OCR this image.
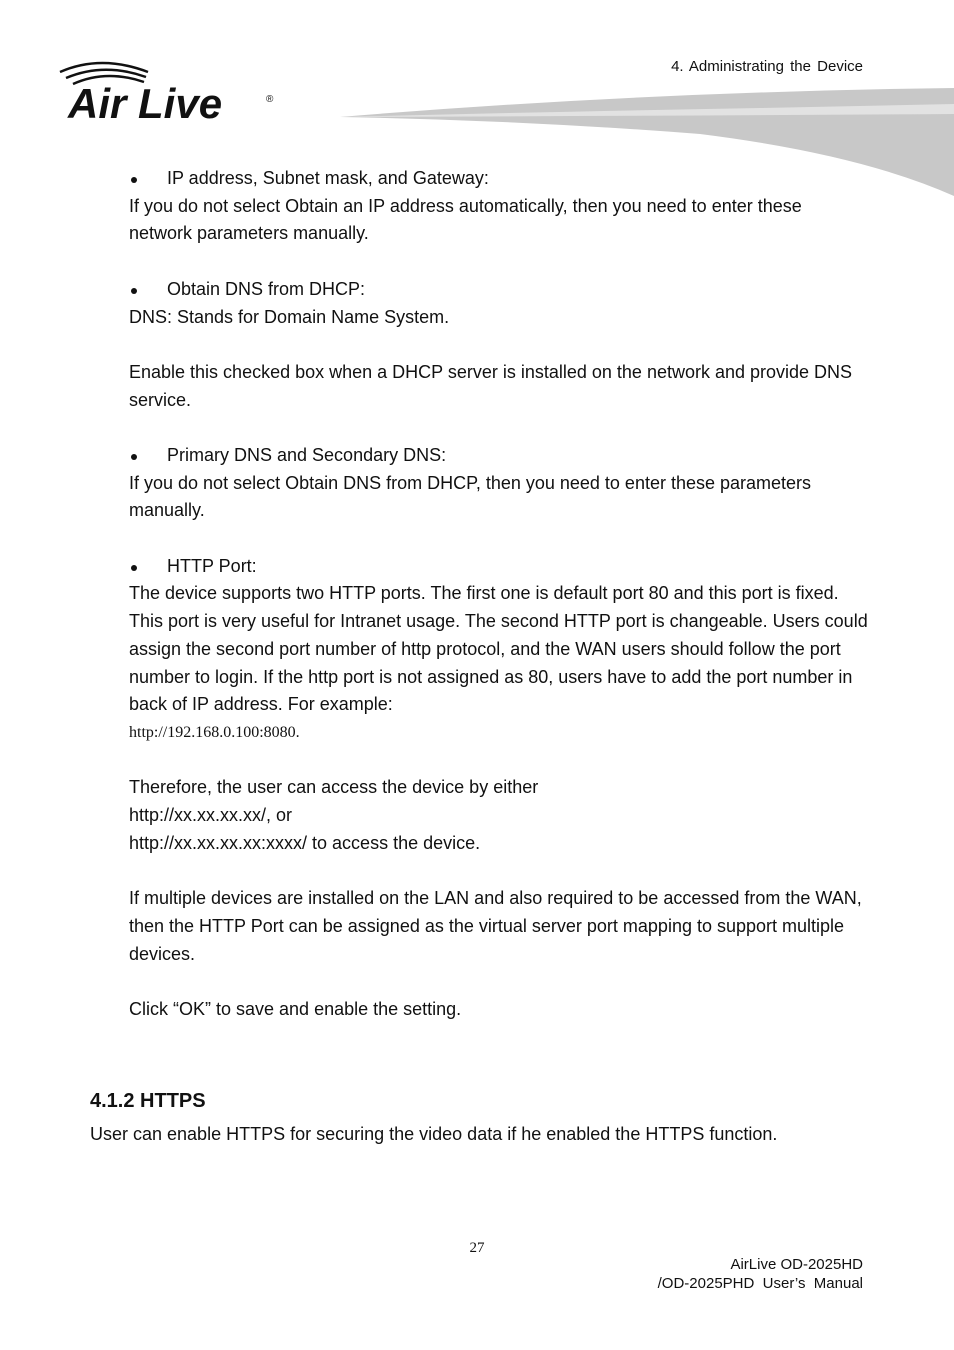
4. Administrating the Device
Air Live	®

IP address, Subnet mask, and Gateway:

If you do not select Obtain an IP address automatically, then you need to enter these network parameters manually.

Obtain DNS from DHCP:

DNS: Stands for Domain Name System.

Enable this checked box when a DHCP server is installed on the network and provide DNS service.

Primary DNS and Secondary DNS:

If you do not select Obtain DNS from DHCP, then you need to enter these parameters manually.

HTTP Port:

The device supports two HTTP ports. The first one is default port 80 and this port is fixed. This port is very useful for Intranet usage. The second HTTP port is changeable. Users could assign the second port number of http protocol, and the WAN users should follow the port number to login. If the http port is not assigned as 80, users have to add the port number in back of IP address. For example:

http://192.168.0.100:8080.

Therefore, the user can access the device by either

http://xx.xx.xx.xx/, or

http://xx.xx.xx.xx:xxxx/ to access the device.

If multiple devices are installed on the LAN and also required to be accessed from the WAN, then the HTTP Port can be assigned as the virtual server port mapping to support multiple devices.

Click “OK” to save and enable the setting.

4.1.2 HTTPS
User can enable HTTPS for securing the video data if he enabled the HTTPS function.
27
AirLive OD-2025HD
/OD-2025PHD  User’s  Manual
